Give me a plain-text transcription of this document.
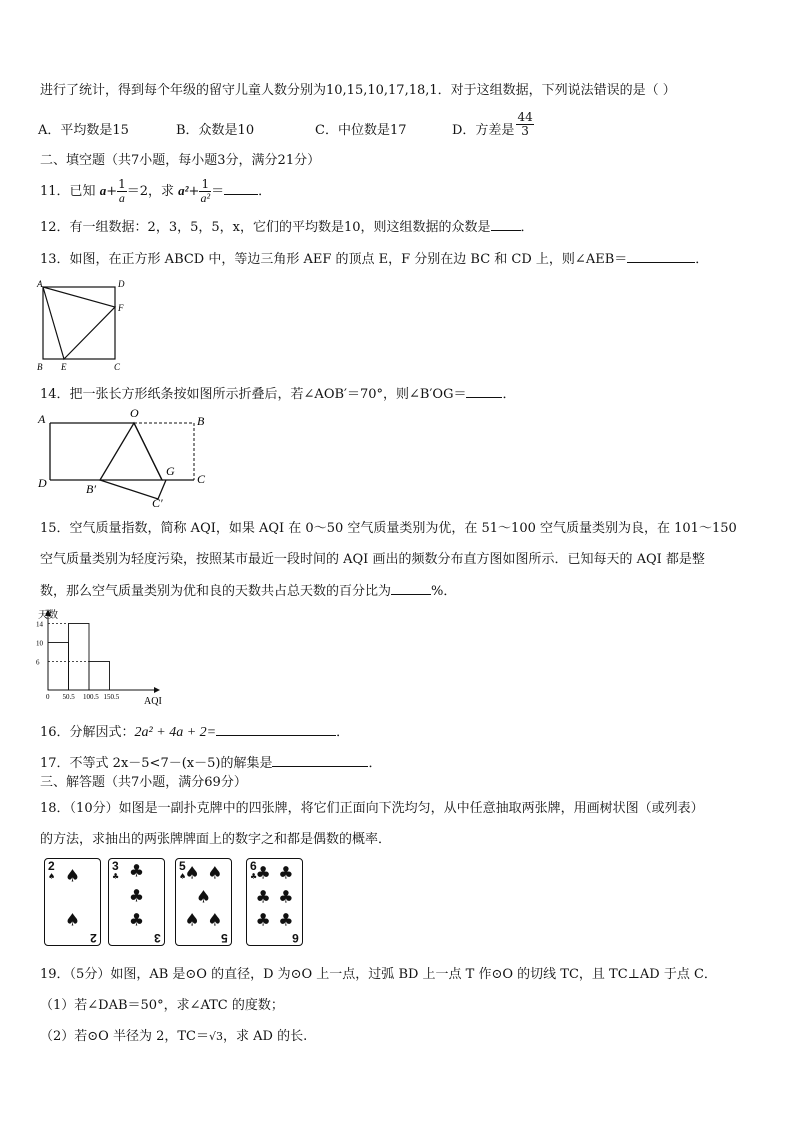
进行了统计，得到每个年级的留守儿童人数分别为10,15,10,17,18,1．对于这组数据，下列说法错误的是（ ）
A．平均数是15	B．众数是10	C．中位数是17	D．方差是 $\frac{44}{3}$
二、填空题（共7小题，每小题3分，满分21分）
11．已知 $a+ \frac{1}{a} =2$，求 $a^2+ \frac{1}{\text{a²}}$ ＝	．
12．有一组数据：2，3，5，5，x，它们的平均数是10，则这组数据的众数是 ．
13．如图，在正方形 ABCD 中，等边三角形 AEF 的顶点 E，F 分别在边 BC 和 CD 上，则∠AEB＝	．
A	D
F
B E	C
14．把一张长方形纸条按如图所示折叠后，若∠AOB′＝70°，则∠B′OG＝	．
A	O
B
D	B′
G
C
C′
15．空气质量指数，简称 AQI，如果 AQI 在 0～50 空气质量类别为优，在 51～100 空气质量类别为良，在 101～150
空气质量类别为轻度污染，按照某市最近一段时间的 AQI 画出的频数分布直方图如图所示．已知每天的 AQI 都是整
数，那么空气质量类别为优和良的天数共占总天数的百分比为	%．
天数
AQI
6
10
14
0 50.5 100.5 150.5
16．分解因式：2a² + 4a + 2=	．
17．不等式 2x－5<7－(x－5)的解集是	．
三、解答题（共7小题，满分69分）
18．（10分）如图是一副扑克牌中的四张牌，将它们正面向下洗均匀，从中任意抽取两张牌，用画树状图（或列表）
的方法，求抽出的两张牌牌面上的数字之和都是偶数的概率．
2
♠
2
♠
♠
3
♣
3
♣
♣
♣
5
♠
5
♠ ♠
♠
♠ ♠
6
♣
6
♣ ♣
♣ ♣
♣ ♣
19．（5分）如图，AB 是⊙O 的直径，D 为⊙O 上一点，过弧 BD 上一点 T 作⊙O 的切线 TC，且 TC⊥AD 于点 C．
（1）若∠DAB＝50°，求∠ATC 的度数；
（2）若⊙O 半径为 2，TC＝√3，求 AD 的长.
